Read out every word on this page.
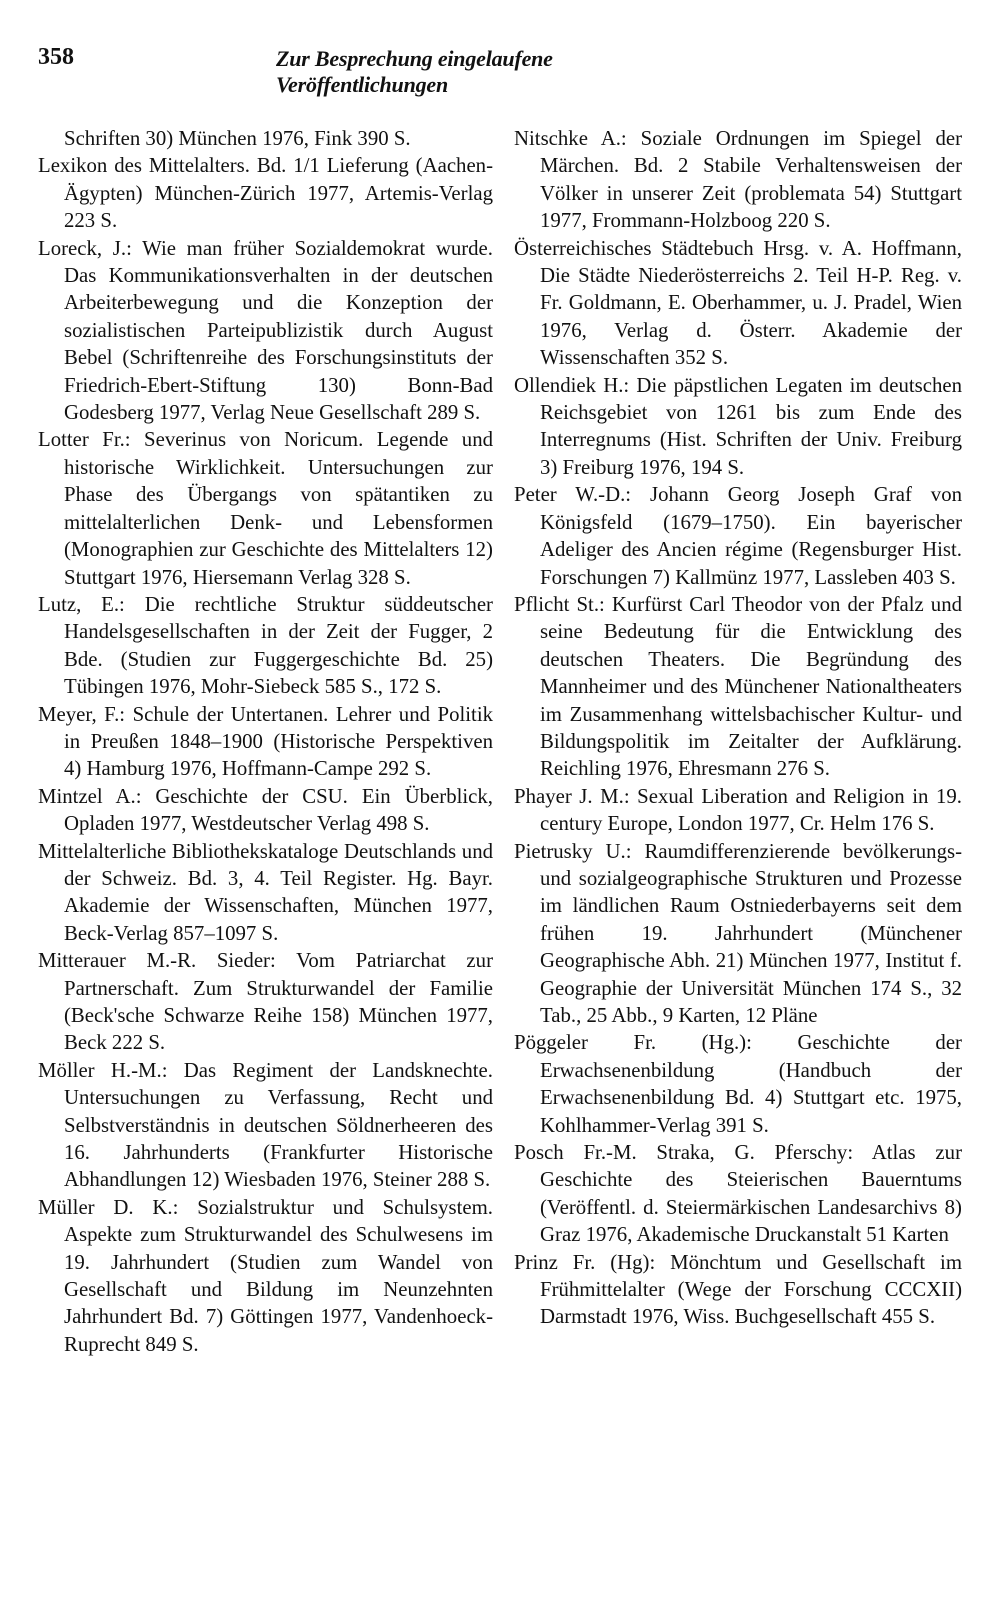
358	Zur Besprechung eingelaufene Veröffentlichungen

Schriften 30) München 1976, Fink 390 S.

Lexikon des Mittelalters. Bd. 1/1 Lieferung (Aachen-Ägypten) München-Zürich 1977, Artemis-Verlag 223 S.

Loreck, J.: Wie man früher Sozialdemokrat wurde. Das Kommunikationsverhalten in der deutschen Arbeiterbewegung und die Konzeption der sozialistischen Parteipublizistik durch August Bebel (Schriftenreihe des Forschungsinstituts der Friedrich-Ebert-Stiftung 130) Bonn-Bad Godesberg 1977, Verlag Neue Gesellschaft 289 S.

Lotter Fr.: Severinus von Noricum. Legende und historische Wirklichkeit. Untersuchungen zur Phase des Übergangs von spätantiken zu mittelalterlichen Denk- und Lebensformen (Monographien zur Geschichte des Mittelalters 12) Stuttgart 1976, Hiersemann Verlag 328 S.

Lutz, E.: Die rechtliche Struktur süddeutscher Handelsgesellschaften in der Zeit der Fugger, 2 Bde. (Studien zur Fuggergeschichte Bd. 25) Tübingen 1976, Mohr-Siebeck 585 S., 172 S.

Meyer, F.: Schule der Untertanen. Lehrer und Politik in Preußen 1848–1900 (Historische Perspektiven 4) Hamburg 1976, Hoffmann-Campe 292 S.

Mintzel A.: Geschichte der CSU. Ein Überblick, Opladen 1977, Westdeutscher Verlag 498 S.

Mittelalterliche Bibliothekskataloge Deutschlands und der Schweiz. Bd. 3, 4. Teil Register. Hg. Bayr. Akademie der Wissenschaften, München 1977, Beck-Verlag 857–1097 S.

Mitterauer M.-R. Sieder: Vom Patriarchat zur Partnerschaft. Zum Strukturwandel der Familie (Beck'sche Schwarze Reihe 158) München 1977, Beck 222 S.

Möller H.-M.: Das Regiment der Landsknechte. Untersuchungen zu Verfassung, Recht und Selbstverständnis in deutschen Söldnerheeren des 16. Jahrhunderts (Frankfurter Historische Abhandlungen 12) Wiesbaden 1976, Steiner 288 S.

Müller D. K.: Sozialstruktur und Schulsystem. Aspekte zum Strukturwandel des Schulwesens im 19. Jahrhundert (Studien zum Wandel von Gesellschaft und Bildung im Neunzehnten Jahrhundert Bd. 7) Göttingen 1977, Vandenhoeck-Ruprecht 849 S.

Nitschke A.: Soziale Ordnungen im Spiegel der Märchen. Bd. 2 Stabile Verhaltensweisen der Völker in unserer Zeit (problemata 54) Stuttgart 1977, Frommann-Holzboog 220 S.

Österreichisches Städtebuch Hrsg. v. A. Hoffmann, Die Städte Niederösterreichs 2. Teil H-P. Reg. v. Fr. Goldmann, E. Oberhammer, u. J. Pradel, Wien 1976, Verlag d. Österr. Akademie der Wissenschaften 352 S.

Ollendiek H.: Die päpstlichen Legaten im deutschen Reichsgebiet von 1261 bis zum Ende des Interregnums (Hist. Schriften der Univ. Freiburg 3) Freiburg 1976, 194 S.

Peter W.-D.: Johann Georg Joseph Graf von Königsfeld (1679–1750). Ein bayerischer Adeliger des Ancien régime (Regensburger Hist. Forschungen 7) Kallmünz 1977, Lassleben 403 S.

Pflicht St.: Kurfürst Carl Theodor von der Pfalz und seine Bedeutung für die Entwicklung des deutschen Theaters. Die Begründung des Mannheimer und des Münchener Nationaltheaters im Zusammenhang wittelsbachischer Kultur- und Bildungspolitik im Zeitalter der Aufklärung. Reichling 1976, Ehresmann 276 S.

Phayer J. M.: Sexual Liberation and Religion in 19. century Europe, London 1977, Cr. Helm 176 S.

Pietrusky U.: Raumdifferenzierende bevölkerungs- und sozialgeographische Strukturen und Prozesse im ländlichen Raum Ostniederbayerns seit dem frühen 19. Jahrhundert (Münchener Geographische Abh. 21) München 1977, Institut f. Geographie der Universität München 174 S., 32 Tab., 25 Abb., 9 Karten, 12 Pläne

Pöggeler Fr. (Hg.): Geschichte der Erwachsenenbildung (Handbuch der Erwachsenenbildung Bd. 4) Stuttgart etc. 1975, Kohlhammer-Verlag 391 S.

Posch Fr.-M. Straka, G. Pferschy: Atlas zur Geschichte des Steierischen Bauerntums (Veröffentl. d. Steiermärkischen Landesarchivs 8) Graz 1976, Akademische Druckanstalt 51 Karten

Prinz Fr. (Hg): Mönchtum und Gesellschaft im Frühmittelalter (Wege der Forschung CCCXII) Darmstadt 1976, Wiss. Buchgesellschaft 455 S.
